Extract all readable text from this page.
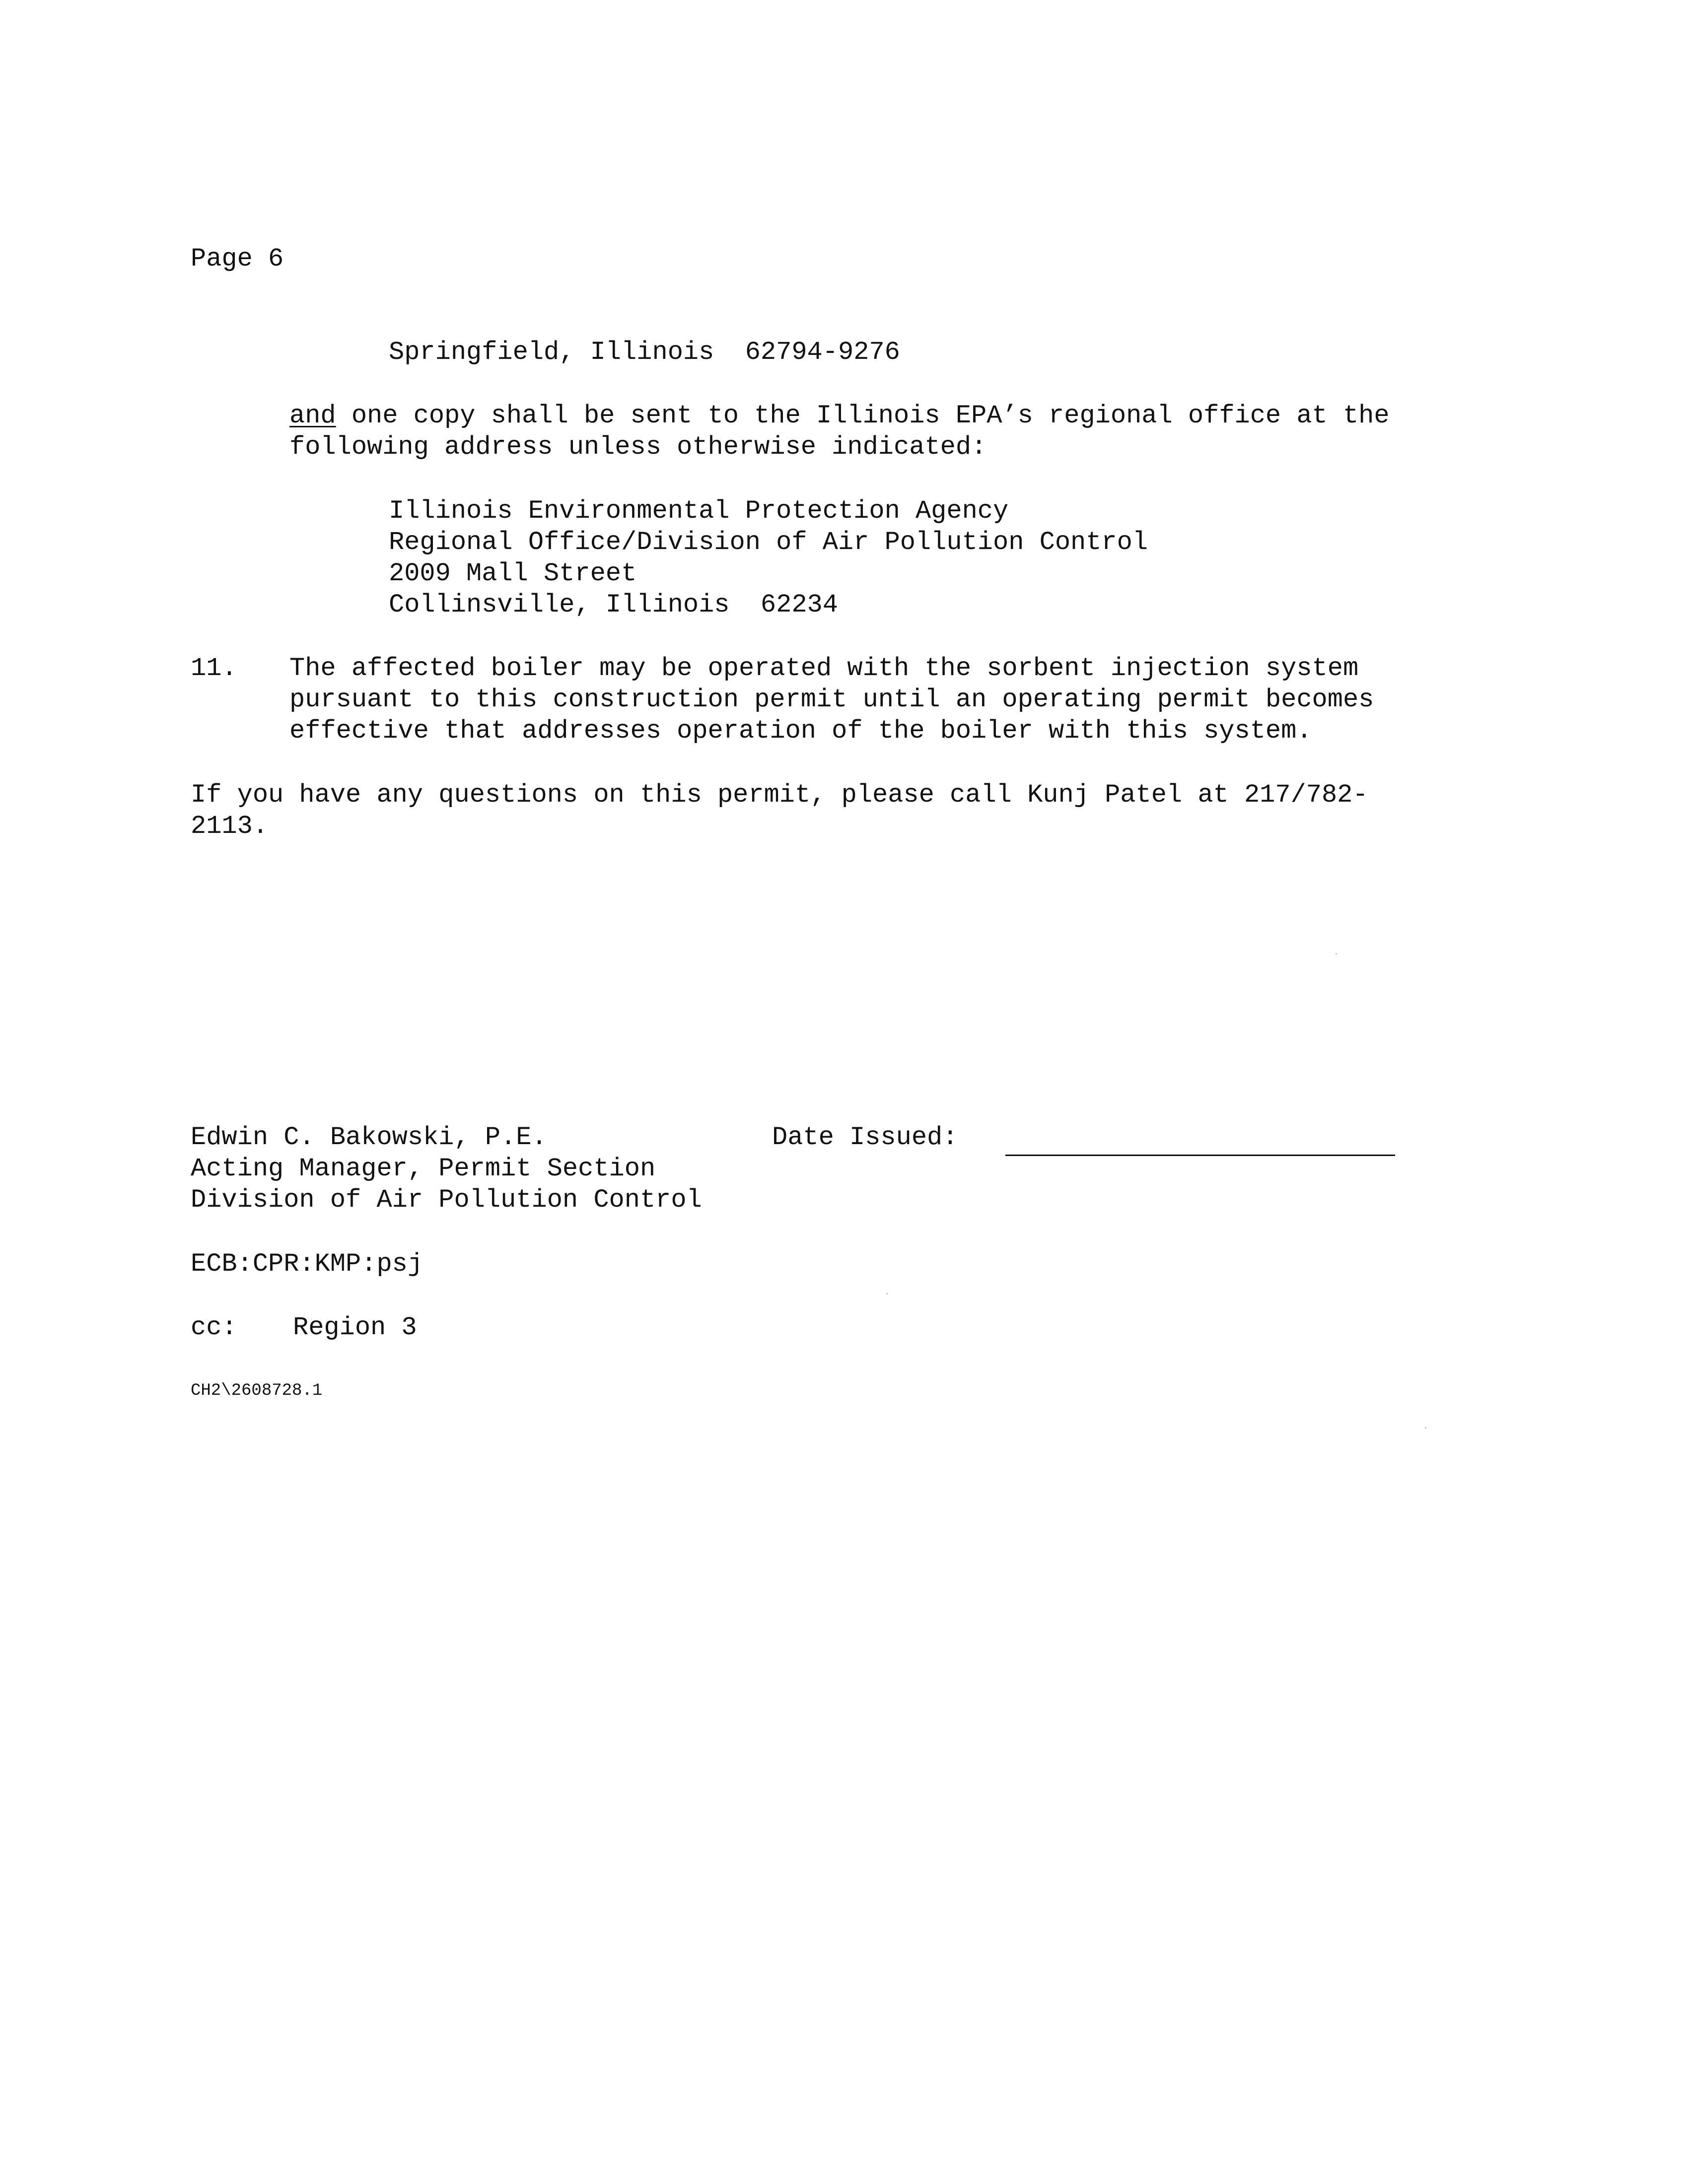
Page 6

Springfield, Illinois  62794-9276

and one copy shall be sent to the Illinois EPA’s regional office at the

following address unless otherwise indicated:

Illinois Environmental Protection Agency

Regional Office/Division of Air Pollution Control

2009 Mall Street

Collinsville, Illinois  62234

11. The affected boiler may be operated with the sorbent injection system

pursuant to this construction permit until an operating permit becomes

effective that addresses operation of the boiler with this system.

If you have any questions on this permit, please call Kunj Patel at 217/782-

2113.

Edwin C. Bakowski, P.E.	Date Issued:

Acting Manager, Permit Section

Division of Air Pollution Control

ECB:CPR:KMP:psj

cc: Region 3

CH2\2608728.1
